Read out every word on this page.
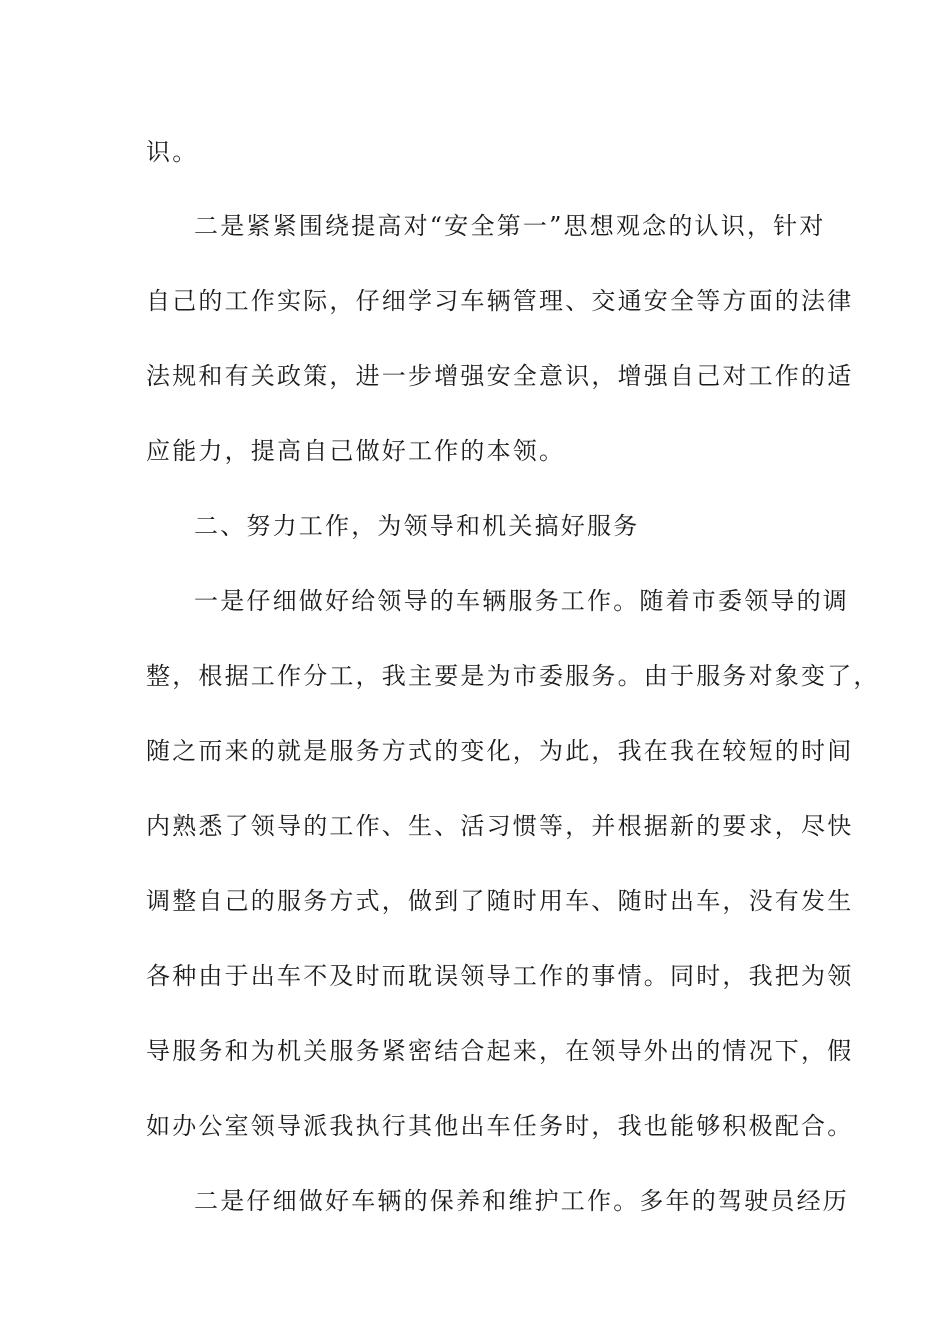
识。
二是紧紧围绕提高对“安全第一”思想观念的认识，针对
自己的工作实际，仔细学习车辆管理、交通安全等方面的法律
法规和有关政策，进一步增强安全意识，增强自己对工作的适
应能力，提高自己做好工作的本领。
二、努力工作，为领导和机关搞好服务
一是仔细做好给领导的车辆服务工作。随着市委领导的调
整，根据工作分工，我主要是为市委服务。由于服务对象变了，
随之而来的就是服务方式的变化，为此，我在我在较短的时间
内熟悉了领导的工作、生、活习惯等，并根据新的要求，尽快
调整自己的服务方式，做到了随时用车、随时出车，没有发生
各种由于出车不及时而耽误领导工作的事情。同时，我把为领
导服务和为机关服务紧密结合起来，在领导外出的情况下，假
如办公室领导派我执行其他出车任务时，我也能够积极配合。
二是仔细做好车辆的保养和维护工作。多年的驾驶员经历
